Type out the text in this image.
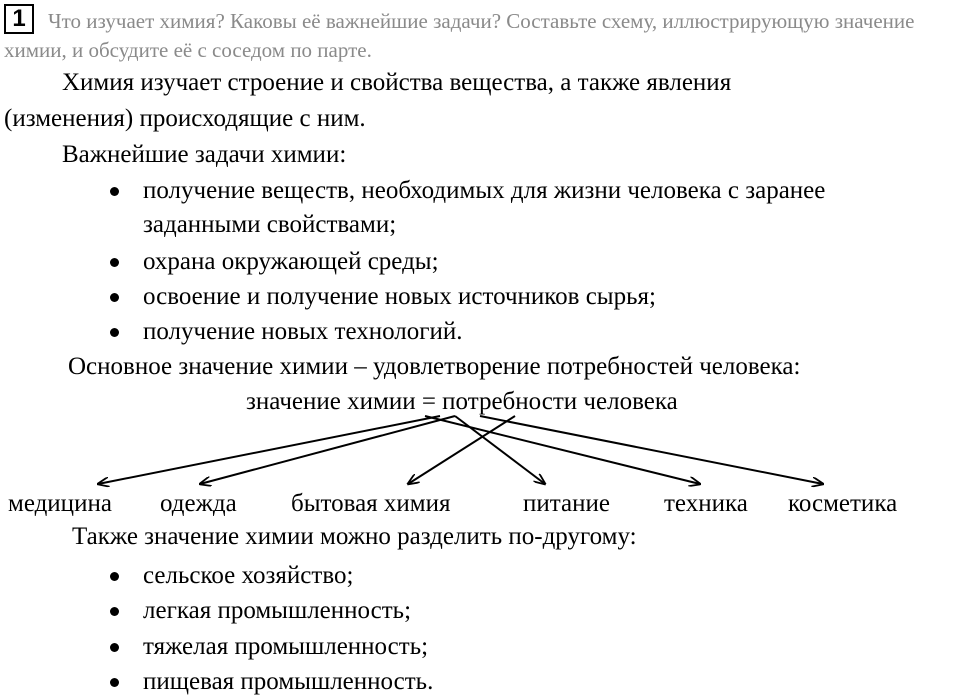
1	Что изучает химия? Каковы её важнейшие задачи? Составьте схему, иллюстрирующую значение химии, и обсудите её с соседом по парте.
Химия изучает строение и свойства вещества, а также явления
(изменения) происходящие с ним.
Важнейшие задачи химии:
получение веществ, необходимых для жизни человека с заранее
заданными свойствами;
охрана окружающей среды;
освоение и получение новых источников сырья;
получение новых технологий.
Основное значение химии – удовлетворение потребностей человека:
значение химии = потребности человека
медицина одежда бытовая химия	питание техника косметика
Также значение химии можно разделить по-другому:
сельское хозяйство;
легкая промышленность;
тяжелая промышленность;
пищевая промышленность.
